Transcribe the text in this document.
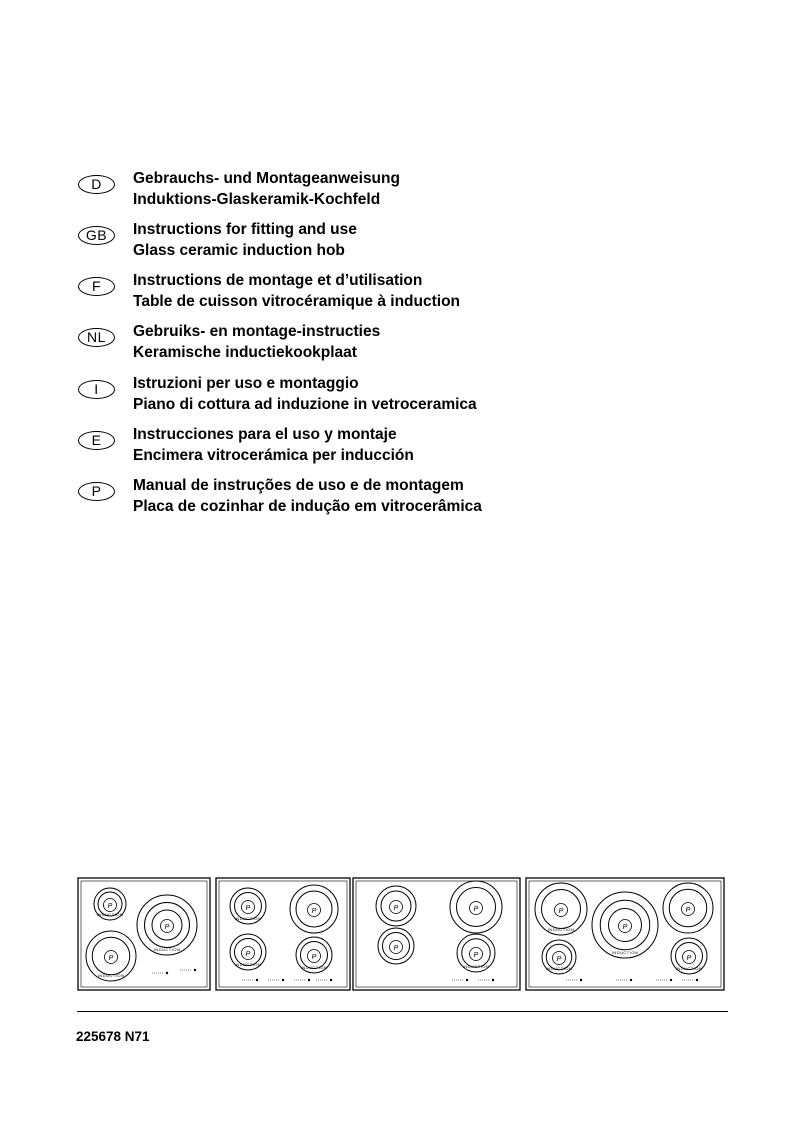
D	Gebrauchs- und Montageanweisung
Induktions-Glaskeramik-Kochfeld
GB	Instructions for fitting and use
Glass ceramic induction hob
F	Instructions de montage et d’utilisation
Table de cuisson vitrocéramique à induction
NL	Gebruiks- en montage-instructies
Keramische inductiekookplaat
I	Istruzioni per uso e montaggio
Piano di cottura ad induzione in vetroceramica
E	Instrucciones para el uso y montaje
Encimera vitrocerámica per inducción
P	Manual de instruções de uso e de montagem
Placa de cozinhar de indução em vitrocerâmica
P
INDUCTION
P
INDUCTION
P
INDUCTION
P
INDUCTION
P
P
INDUCTION
P
INDUCTION
P	P
P
P
INDUCTION
P
INDUCTION	P
INDUCTION
P
P
INDUCTION
P
INDUCTION
225678 N71
